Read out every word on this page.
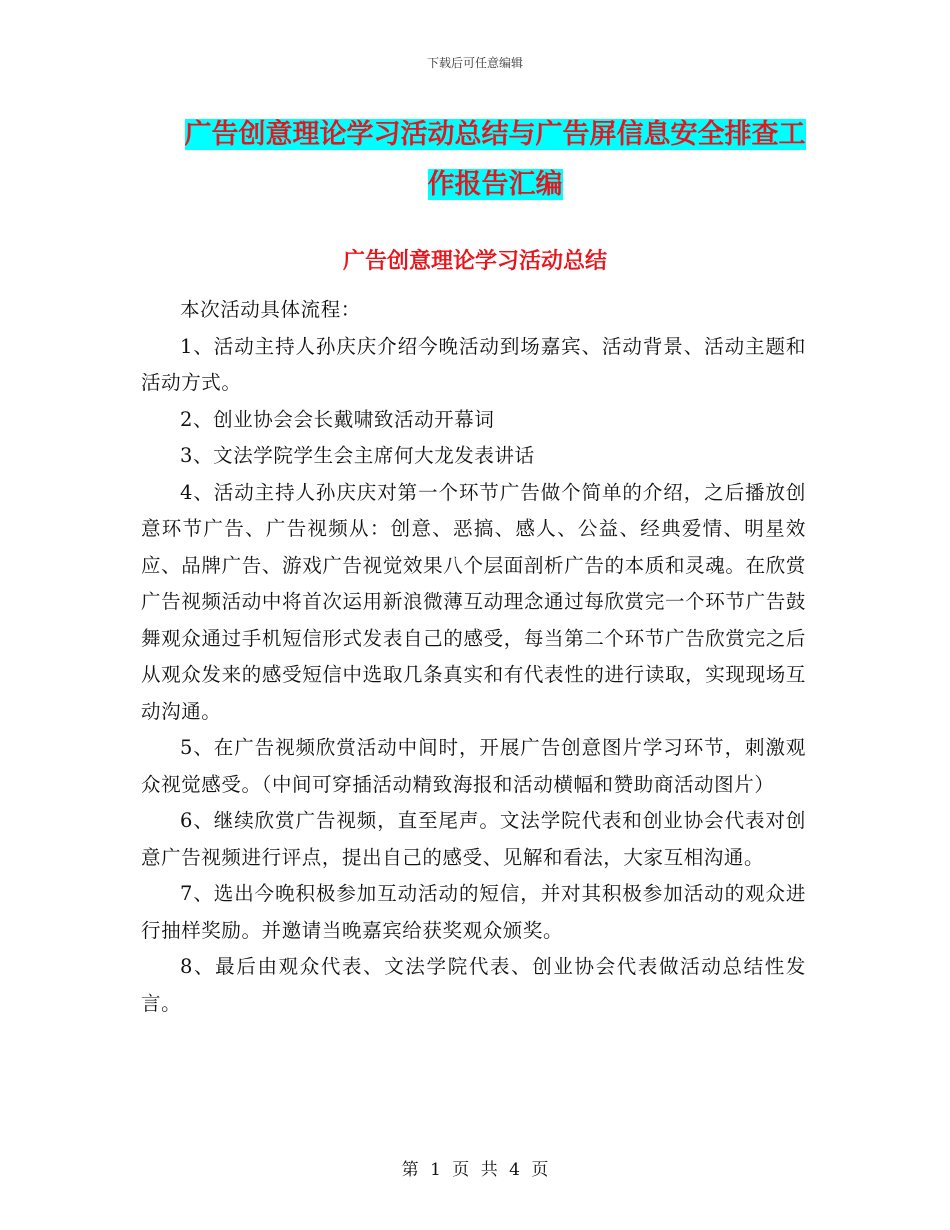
下载后可任意编辑
广告创意理论学习活动总结与广告屏信息安全排查工作报告汇编
广告创意理论学习活动总结

本次活动具体流程：

1、活动主持人孙庆庆介绍今晚活动到场嘉宾、活动背景、活动主题和活动方式。

2、创业协会会长戴啸致活动开幕词

3、文法学院学生会主席何大龙发表讲话

4、活动主持人孙庆庆对第一个环节广告做个简单的介绍，之后播放创意环节广告、广告视频从：创意、恶搞、感人、公益、经典爱情、明星效应、品牌广告、游戏广告视觉效果八个层面剖析广告的本质和灵魂。在欣赏广告视频活动中将首次运用新浪微薄互动理念通过每欣赏完一个环节广告鼓舞观众通过手机短信形式发表自己的感受，每当第二个环节广告欣赏完之后从观众发来的感受短信中选取几条真实和有代表性的进行读取，实现现场互动沟通。

5、在广告视频欣赏活动中间时，开展广告创意图片学习环节，刺激观众视觉感受。（中间可穿插活动精致海报和活动横幅和赞助商活动图片）

6、继续欣赏广告视频，直至尾声。文法学院代表和创业协会代表对创意广告视频进行评点，提出自己的感受、见解和看法，大家互相沟通。

7、选出今晚积极参加互动活动的短信，并对其积极参加活动的观众进行抽样奖励。并邀请当晚嘉宾给获奖观众颁奖。

8、最后由观众代表、文法学院代表、创业协会代表做活动总结性发言。

第 1 页 共 4 页
